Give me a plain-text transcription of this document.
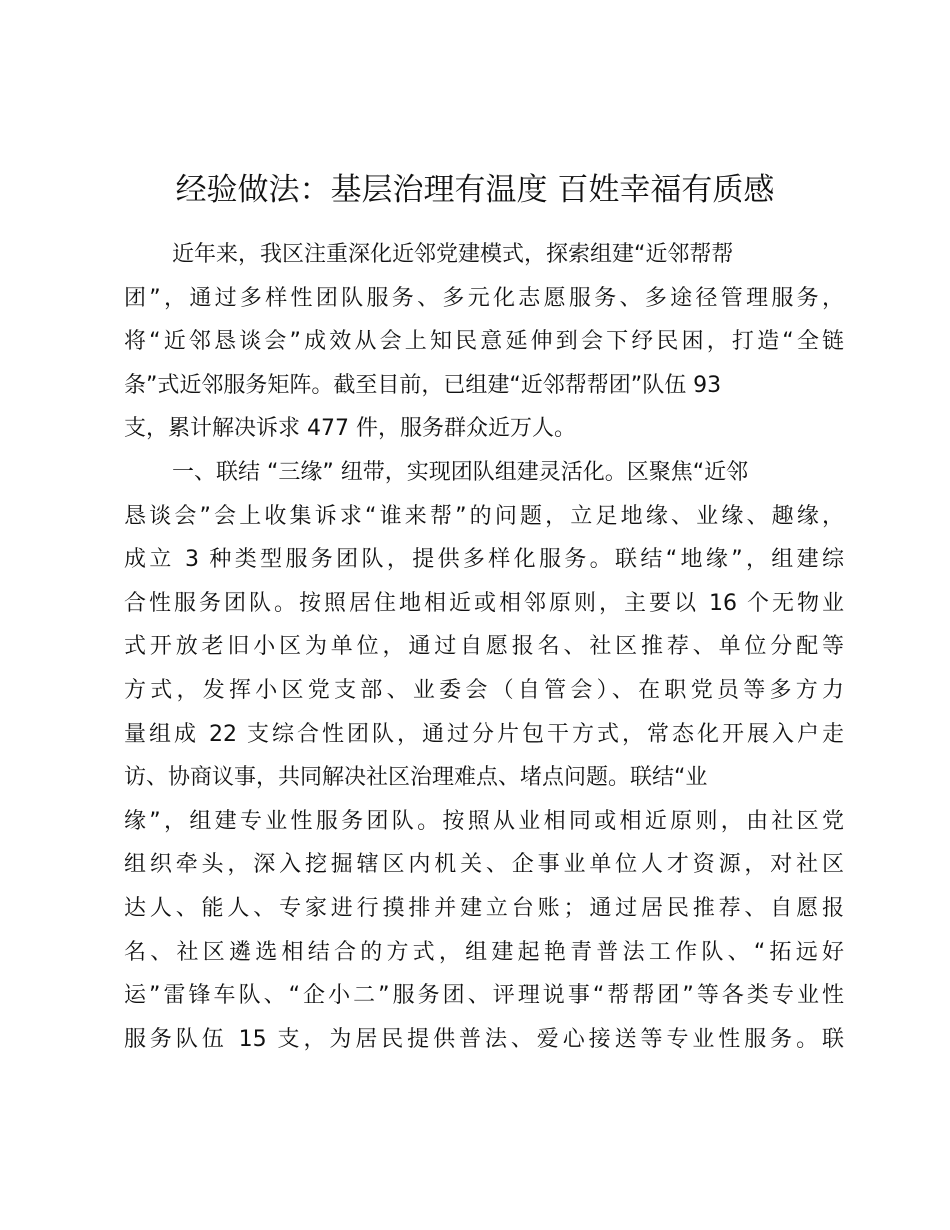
经验做法：基层治理有温度 百姓幸福有质感
近年来，我区注重深化近邻党建模式，探索组建“近邻帮帮
团”，通过多样性团队服务、多元化志愿服务、多途径管理服务，
将“近邻恳谈会”成效从会上知民意延伸到会下纾民困，打造“全链
条”式近邻服务矩阵。截至目前，已组建“近邻帮帮团”队伍 93
支，累计解决诉求 477 件，服务群众近万人。
一、联结 “三缘” 纽带，实现团队组建灵活化。区聚焦“近邻
恳谈会”会上收集诉求“谁来帮”的问题，立足地缘、业缘、趣缘，
成立 3 种类型服务团队，提供多样化服务。联结“地缘”，组建综
合性服务团队。按照居住地相近或相邻原则，主要以 16 个无物业
式开放老旧小区为单位，通过自愿报名、社区推荐、单位分配等
方式，发挥小区党支部、业委会（自管会）、在职党员等多方力
量组成 22 支综合性团队，通过分片包干方式，常态化开展入户走
访、协商议事，共同解决社区治理难点、堵点问题。联结“业
缘”，组建专业性服务团队。按照从业相同或相近原则，由社区党
组织牵头，深入挖掘辖区内机关、企事业单位人才资源，对社区
达人、能人、专家进行摸排并建立台账；通过居民推荐、自愿报
名、社区遴选相结合的方式，组建起艳青普法工作队、“拓远好
运”雷锋车队、“企小二”服务团、评理说事“帮帮团”等各类专业性
服务队伍 15 支，为居民提供普法、爱心接送等专业性服务。联
